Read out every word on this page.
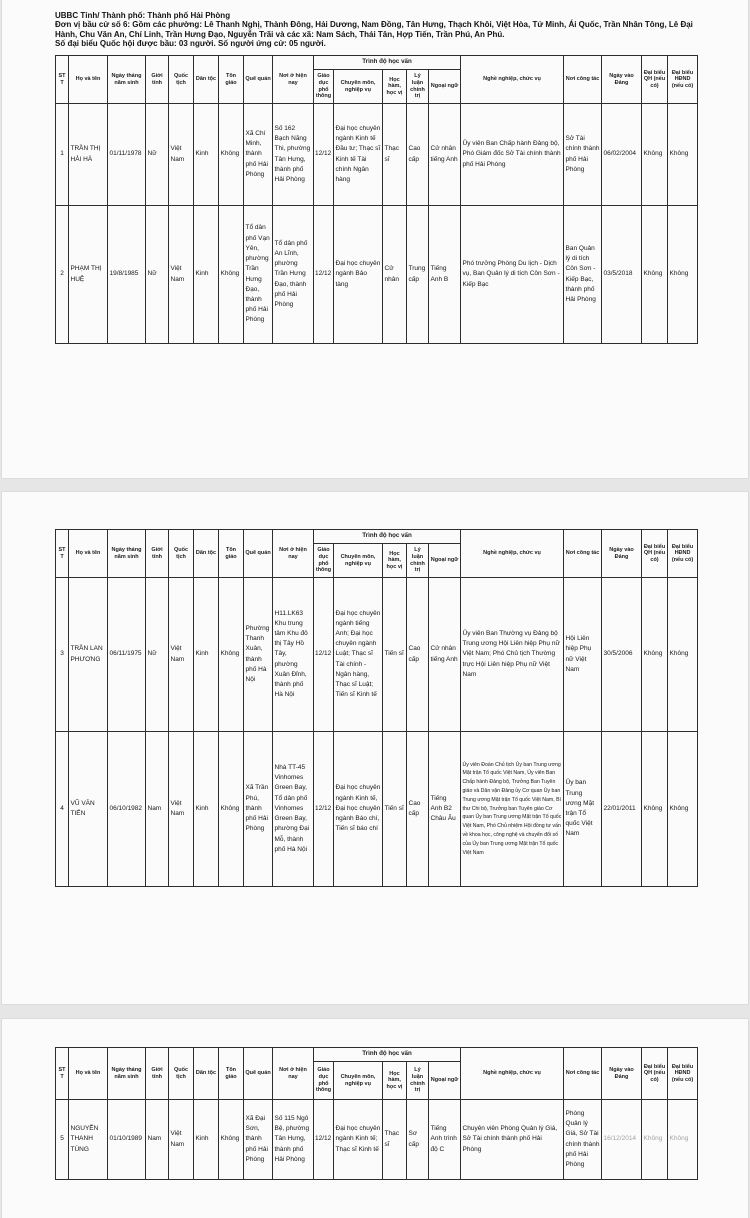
UBBC Tỉnh/ Thành phố: Thành phố Hải Phòng

Đơn vị bầu cử số 6: Gồm các phường: Lê Thanh Nghị, Thành Đông, Hải Dương, Nam Đồng, Tân Hưng, Thạch Khôi, Việt Hòa, Tứ Minh, Ái Quốc, Trần Nhân Tông, Lê Đại Hành, Chu Văn An, Chí Linh, Trần Hưng Đạo, Nguyễn Trãi và các xã: Nam Sách, Thái Tân, Hợp Tiến, Trần Phú, An Phú.

Số đại biểu Quốc hội được bầu: 03 người. Số người ứng cử: 05 người.

STT	Họ và tên	Ngày tháng năm sinh	Giới tính	Quốc tịch	Dân tộc	Tôn giáo	Quê quán	Nơi ở hiện nay	Trình độ học vấn					Nghề nghiệp, chức vụ	Nơi công tác	Ngày vào Đảng	Đại biểu QH (nếu có)	Đại biểu HĐND (nếu có)
									Giáo dục phổ thông	Chuyên môn, nghiệp vụ	Học hàm, học vị	Lý luận chính trị	Ngoại ngữ					
1	TRẦN THỊ HẢI HÀ	01/11/1978	Nữ	Việt Nam	Kinh	Không	Xã Chí Minh, thành phố Hải Phòng	Số 162 Bạch Năng Thi, phường Tân Hưng, thành phố Hải Phòng	12/12	Đại học chuyên ngành Kinh tế Đầu tư; Thạc sĩ Kinh tế Tài chính Ngân hàng	Thạc sĩ	Cao cấp	Cử nhân tiếng Anh	Ủy viên Ban Chấp hành Đảng bộ, Phó Giám đốc Sở Tài chính thành phố Hải Phòng	Sở Tài chính thành phố Hải Phòng	06/02/2004	Không	Không
2	PHẠM THỊ HUỆ	19/8/1985	Nữ	Việt Nam	Kinh	Không	Tổ dân phố Vạn Yên, phường Trần Hưng Đạo, thành phố Hải Phòng	Tổ dân phố An Lĩnh, phường Trần Hưng Đạo, thành phố Hải Phòng	12/12	Đại học chuyên ngành Bảo tàng	Cử nhân	Trung cấp	Tiếng Anh B	Phó trưởng Phòng Du lịch - Dịch vụ, Ban Quản lý di tích Côn Sơn - Kiếp Bạc	Ban Quản lý di tích Côn Sơn - Kiếp Bạc, thành phố Hải Phòng	03/5/2018	Không	Không
STT	Họ và tên	Ngày tháng năm sinh	Giới tính	Quốc tịch	Dân tộc	Tôn giáo	Quê quán	Nơi ở hiện nay	Trình độ học vấn					Nghề nghiệp, chức vụ	Nơi công tác	Ngày vào Đảng	Đại biểu QH (nếu có)	Đại biểu HĐND (nếu có)
									Giáo dục phổ thông	Chuyên môn, nghiệp vụ	Học hàm, học vị	Lý luận chính trị	Ngoại ngữ					
3	TRẦN LAN PHƯƠNG	06/11/1975	Nữ	Việt Nam	Kinh	Không	Phường Thanh Xuân, thành phố Hà Nội	H11.LK63 Khu trung tâm Khu đô thị Tây Hồ Tây, phường Xuân Đỉnh, thành phố Hà Nội	12/12	Đại học chuyên ngành tiếng Anh; Đại học chuyên ngành Luật; Thạc sĩ Tài chính - Ngân hàng, Thạc sĩ Luật; Tiến sĩ Kinh tế	Tiến sĩ	Cao cấp	Cử nhân tiếng Anh	Ủy viên Ban Thường vụ Đảng bộ Trung ương Hội Liên hiệp Phụ nữ Việt Nam; Phó Chủ tịch Thường trực Hội Liên hiệp Phụ nữ Việt Nam	Hội Liên hiệp Phụ nữ Việt Nam	30/5/2006	Không	Không
4	VŨ VĂN TIẾN	06/10/1982	Nam	Việt Nam	Kinh	Không	Xã Trần Phú, thành phố Hải Phòng	Nhà TT-45 Vinhomes Green Bay, Tổ dân phố Vinhomes Green Bay, phường Đại Mỗ, thành phố Hà Nội	12/12	Đại học chuyên ngành Kinh tế, Đại học chuyên ngành Báo chí, Tiến sĩ báo chí	Tiến sĩ	Cao cấp	Tiếng Anh B2 Châu Âu	Ủy viên Đoàn Chủ tịch Ủy ban Trung ương Mặt trận Tổ quốc Việt Nam, Ủy viên Ban Chấp hành Đảng bộ, Trưởng Ban Tuyên giáo và Dân vận Đảng ủy Cơ quan Ủy ban Trung ương Mặt trận Tổ quốc Việt Nam, Bí thư Chi bộ, Trưởng ban Tuyên giáo Cơ quan Ủy ban Trung ương Mặt trận Tổ quốc Việt Nam, Phó Chủ nhiệm Hội đồng tư vấn về khoa học, công nghệ và chuyển đổi số của Ủy ban Trung ương Mặt trận Tổ quốc Việt Nam	Ủy ban Trung ương Mặt trận Tổ quốc Việt Nam	22/01/2011	Không	Không
STT	Họ và tên	Ngày tháng năm sinh	Giới tính	Quốc tịch	Dân tộc	Tôn giáo	Quê quán	Nơi ở hiện nay	Trình độ học vấn					Nghề nghiệp, chức vụ	Nơi công tác	Ngày vào Đảng	Đại biểu QH (nếu có)	Đại biểu HĐND (nếu có)
									Giáo dục phổ thông	Chuyên môn, nghiệp vụ	Học hàm, học vị	Lý luận chính trị	Ngoại ngữ					
5	NGUYỄN THANH TÙNG	01/10/1989	Nam	Việt Nam	Kinh	Không	Xã Đại Sơn, thành phố Hải Phòng	Số 115 Ngô Bệ, phường Tân Hưng, thành phố Hải Phòng	12/12	Đại học chuyên ngành Kinh tế; Thạc sĩ Kinh tế	Thạc sĩ	Sơ cấp	Tiếng Anh trình độ C	Chuyên viên Phòng Quản lý Giá, Sở Tài chính thành phố Hải Phòng	Phòng Quản lý Giá, Sở Tài chính thành phố Hải Phòng	16/12/2014	Không	Không
